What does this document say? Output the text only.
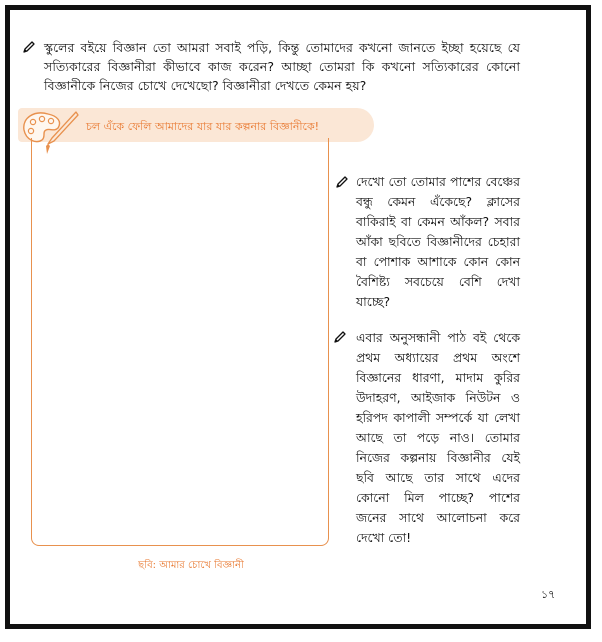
স্কুলের বইয়ে বিজ্ঞান তো আমরা সবাই পড়ি, কিন্তু তোমাদের কখনো জানতে ইচ্ছা হয়েছে যে সত্যিকারের বিজ্ঞানীরা কীভাবে কাজ করেন? আচ্ছা তোমরা কি কখনো সত্যিকারের কোনো বিজ্ঞানীকে নিজের চোখে দেখেছো? বিজ্ঞানীরা দেখতে কেমন হয়?
চল এঁকে ফেলি আমাদের যার যার কল্পনার বিজ্ঞানীকে!
ছবি: আমার চোখে বিজ্ঞানী
দেখো তো তোমার পাশের বেঞ্চের বন্ধু কেমন এঁকেছে? ক্লাসের বাকিরাই বা কেমন আঁকল? সবার আঁকা ছবিতে বিজ্ঞানীদের চেহারা বা পোশাক আশাকে কোন কোন বৈশিষ্ট্য সবচেয়ে বেশি দেখা যাচ্ছে?
এবার অনুসন্ধানী পাঠ বই থেকে প্রথম অধ্যায়ের প্রথম অংশে বিজ্ঞানের ধারণা, মাদাম কুরির উদাহরণ, আইজাক নিউটন ও হরিপদ কাপালী সম্পর্কে যা লেখা আছে তা পড়ে নাও। তোমার নিজের কল্পনায় বিজ্ঞানীর যেই ছবি আছে তার সাথে এদের কোনো মিল পাচ্ছে? পাশের জনের সাথে আলোচনা করে দেখো তো!
১৭
